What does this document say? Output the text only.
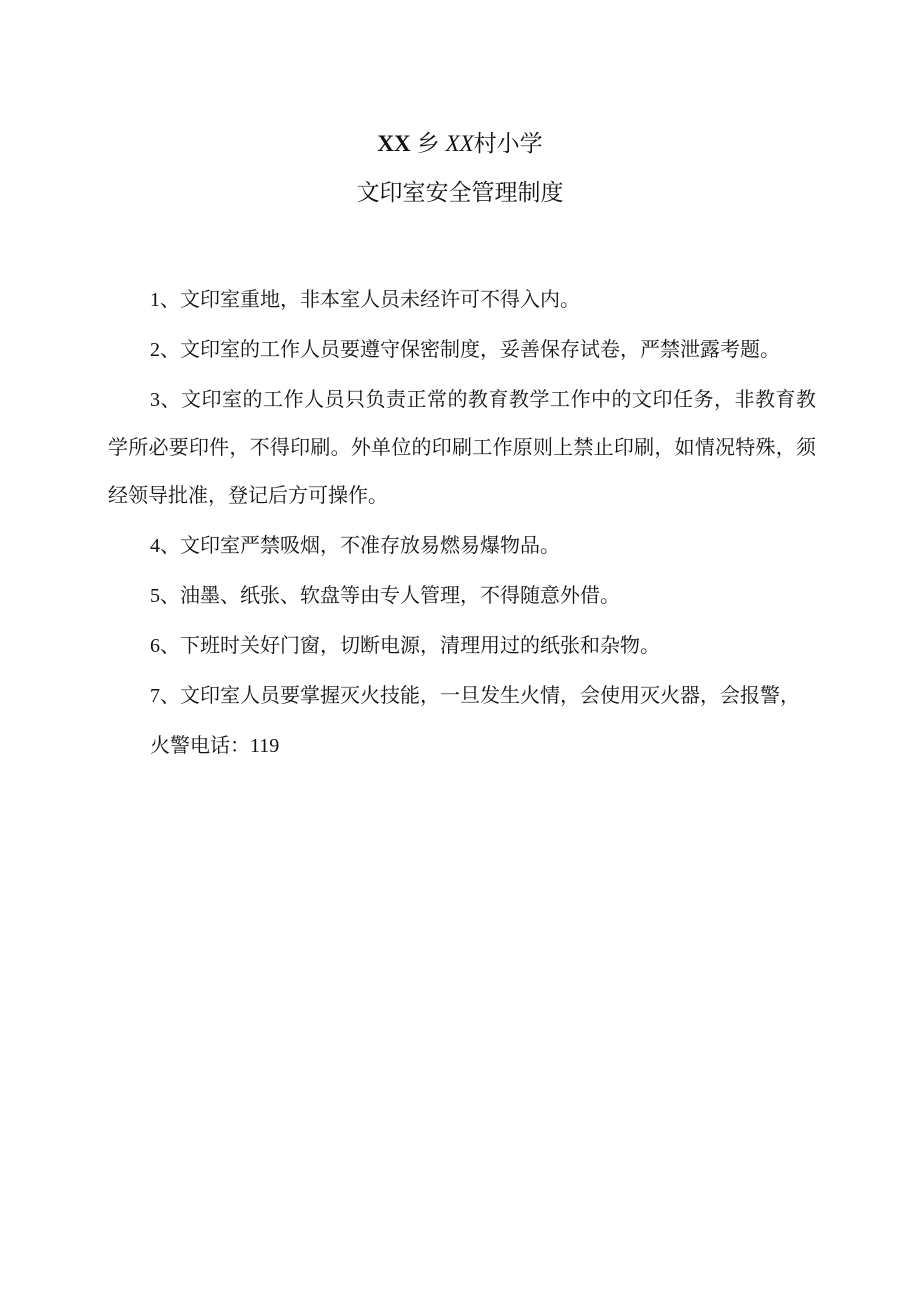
XX 乡 XX村小学
文印室安全管理制度

1、文印室重地，非本室人员未经许可不得入内。

2、文印室的工作人员要遵守保密制度，妥善保存试卷，严禁泄露考题。

3、文印室的工作人员只负责正常的教育教学工作中的文印任务，非教育教学所必要印件，不得印刷。外单位的印刷工作原则上禁止印刷，如情况特殊，须经领导批准，登记后方可操作。

4、文印室严禁吸烟，不准存放易燃易爆物品。

5、油墨、纸张、软盘等由专人管理，不得随意外借。

6、下班时关好门窗，切断电源，清理用过的纸张和杂物。

7、文印室人员要掌握灭火技能，一旦发生火情，会使用灭火器，会报警，

火警电话：119
